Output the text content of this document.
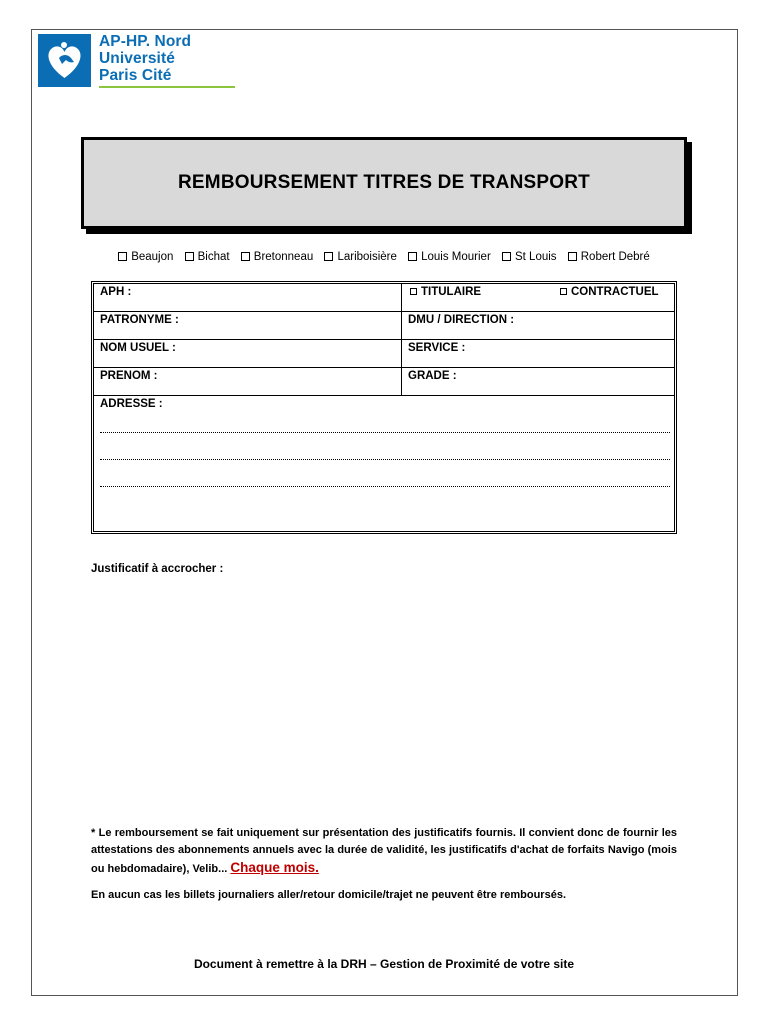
AP-HP. Nord
Université
Paris Cité
REMBOURSEMENT TITRES DE TRANSPORT
Beaujon Bichat Bretonneau Lariboisière Louis Mourier St Louis Robert Debré
APH :	TITULAIRE	CONTRACTUEL
PATRONYME :	DMU / DIRECTION :
NOM USUEL :	SERVICE :
PRENOM :	GRADE :
ADRESSE :
Justificatif à accrocher :
* Le remboursement se fait uniquement sur présentation des justificatifs fournis. Il convient donc de fournir les attestations des abonnements annuels avec la durée de validité, les justificatifs d'achat de forfaits Navigo (mois ou hebdomadaire), Velib... Chaque mois.
En aucun cas les billets journaliers aller/retour domicile/trajet ne peuvent être remboursés.
Document à remettre à la DRH – Gestion de Proximité de votre site
